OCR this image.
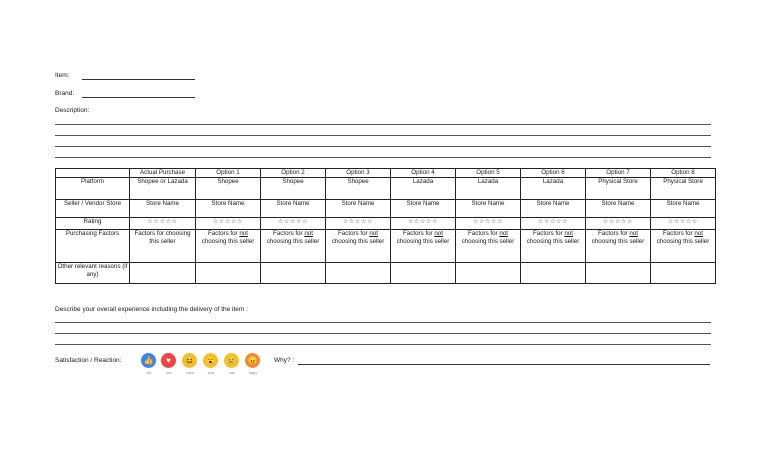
Item:
Brand:
Description:
	Actual Purchase	Option 1	Option 2	Option 3	Option 4	Option 5	Option 6	Option 7	Option 8
Platform	Shopee or Lazada	Shopee	Shopee	Shopee	Lazada	Lazada	Lazada	Physical Store	Physical Store
Seller / Vendor Store	Store Name	Store Name	Store Name	Store Name	Store Name	Store Name	Store Name	Store Name	Store Name
Rating	☆☆☆☆☆	☆☆☆☆☆	☆☆☆☆☆	☆☆☆☆☆	☆☆☆☆☆	☆☆☆☆☆	☆☆☆☆☆	☆☆☆☆☆	☆☆☆☆☆
Purchasing Factors	Factors for choosing this seller	Factors for not choosing this seller	Factors for not choosing this seller	Factors for not choosing this seller	Factors for not choosing this seller	Factors for not choosing this seller	Factors for not choosing this seller	Factors for not choosing this seller	Factors for not choosing this seller
Other relevant reasons (if any)									
Describe your overall experience including the delivery of the item :
Satisfaction / Reaction:	👍
like
♥
love
😆
haha
😮
wow
😢
sad
😠
angry
Why? :
